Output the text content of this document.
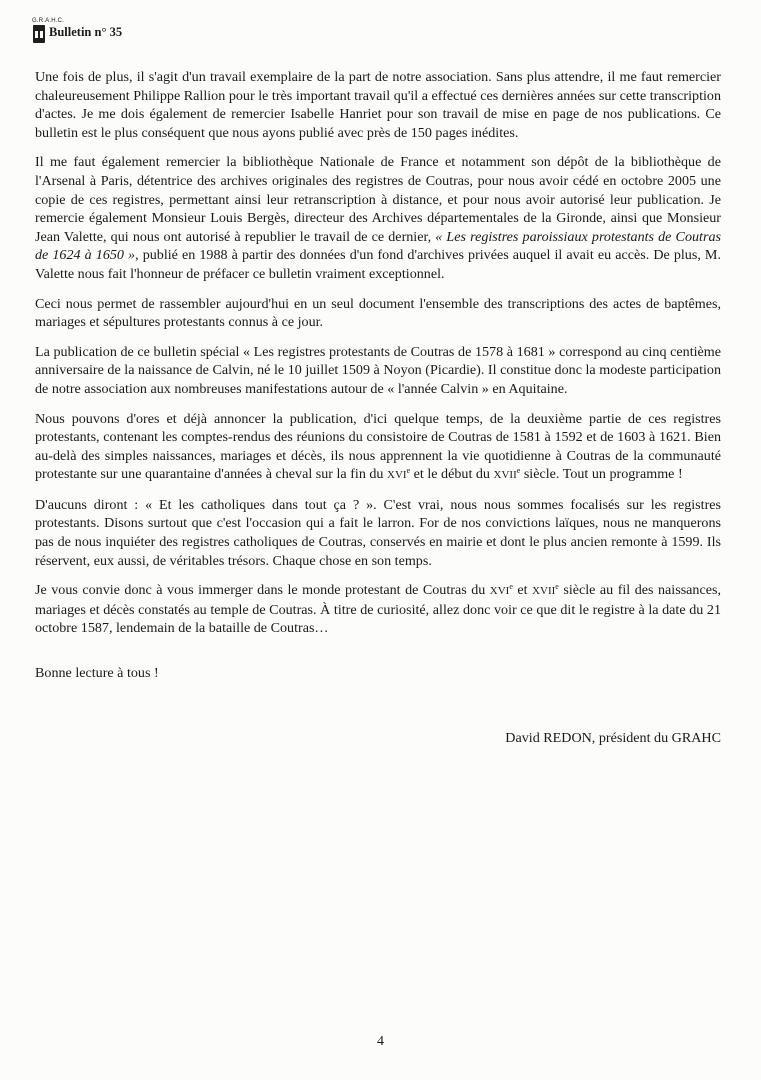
G.R.A.H.C.
Bulletin n° 35

Une fois de plus, il s'agit d'un travail exemplaire de la part de notre association. Sans plus attendre, il me faut remercier chaleureusement Philippe Rallion pour le très important travail qu'il a effectué ces dernières années sur cette transcription d'actes. Je me dois également de remercier Isabelle Hanriet pour son travail de mise en page de nos publications. Ce bulletin est le plus conséquent que nous ayons publié avec près de 150 pages inédites.

Il me faut également remercier la bibliothèque Nationale de France et notamment son dépôt de la bibliothèque de l'Arsenal à Paris, détentrice des archives originales des registres de Coutras, pour nous avoir cédé en octobre 2005 une copie de ces registres, permettant ainsi leur retranscription à distance, et pour nous avoir autorisé leur publication. Je remercie également Monsieur Louis Bergès, directeur des Archives départementales de la Gironde, ainsi que Monsieur Jean Valette, qui nous ont autorisé à republier le travail de ce dernier, « Les registres paroissiaux protestants de Coutras de 1624 à 1650 », publié en 1988 à partir des données d'un fond d'archives privées auquel il avait eu accès. De plus, M. Valette nous fait l'honneur de préfacer ce bulletin vraiment exceptionnel.

Ceci nous permet de rassembler aujourd'hui en un seul document l'ensemble des transcriptions des actes de baptêmes, mariages et sépultures protestants connus à ce jour.

La publication de ce bulletin spécial « Les registres protestants de Coutras de 1578 à 1681 » correspond au cinq centième anniversaire de la naissance de Calvin, né le 10 juillet 1509 à Noyon (Picardie). Il constitue donc la modeste participation de notre association aux nombreuses manifestations autour de « l'année Calvin » en Aquitaine.

Nous pouvons d'ores et déjà annoncer la publication, d'ici quelque temps, de la deuxième partie de ces registres protestants, contenant les comptes-rendus des réunions du consistoire de Coutras de 1581 à 1592 et de 1603 à 1621. Bien au-delà des simples naissances, mariages et décès, ils nous apprennent la vie quotidienne à Coutras de la communauté protestante sur une quarantaine d'années à cheval sur la fin du XVIe et le début du XVIIe siècle. Tout un programme !

D'aucuns diront : « Et les catholiques dans tout ça ? ». C'est vrai, nous nous sommes focalisés sur les registres protestants. Disons surtout que c'est l'occasion qui a fait le larron. For de nos convictions laïques, nous ne manquerons pas de nous inquiéter des registres catholiques de Coutras, conservés en mairie et dont le plus ancien remonte à 1599. Ils réservent, eux aussi, de véritables trésors. Chaque chose en son temps.

Je vous convie donc à vous immerger dans le monde protestant de Coutras du XVIe et XVIIe siècle au fil des naissances, mariages et décès constatés au temple de Coutras. À titre de curiosité, allez donc voir ce que dit le registre à la date du 21 octobre 1587, lendemain de la bataille de Coutras…

Bonne lecture à tous !

David REDON, président du GRAHC

4
